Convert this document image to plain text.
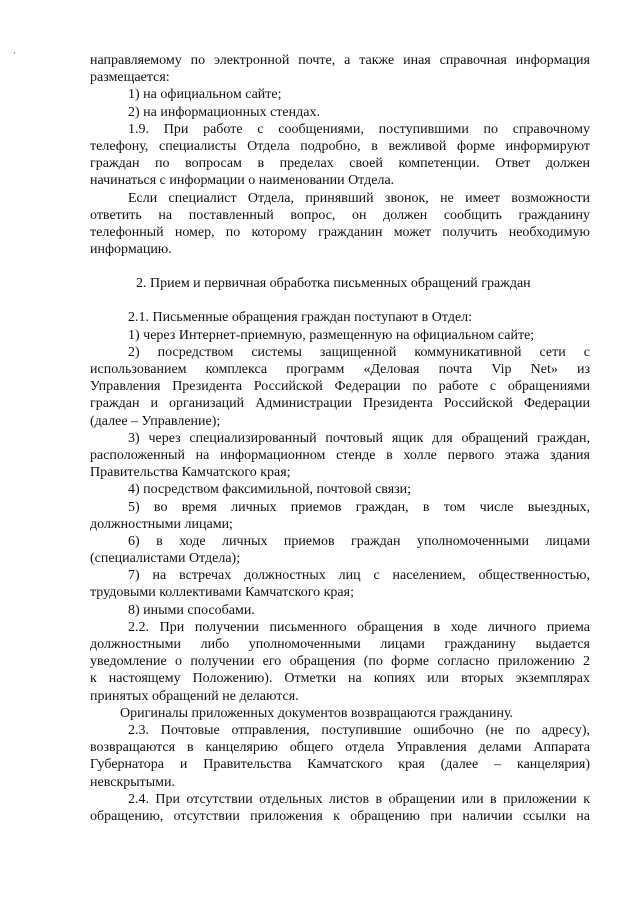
направляемому по электронной почте, а также иная справочная информация
размещается:
1) на официальном сайте;
2) на информационных стендах.
1.9. При работе с сообщениями, поступившими по справочному
телефону, специалисты Отдела подробно, в вежливой форме информируют
граждан по вопросам в пределах своей компетенции. Ответ должен
начинаться с информации о наименовании Отдела.
Если специалист Отдела, принявший звонок, не имеет возможности
ответить на поставленный вопрос, он должен сообщить гражданину
телефонный номер, по которому гражданин может получить необходимую
информацию.
2. Прием и первичная обработка письменных обращений граждан
2.1. Письменные обращения граждан поступают в Отдел:
1) через Интернет-приемную, размещенную на официальном сайте;
2) посредством системы защищенной коммуникативной сети с
использованием комплекса программ «Деловая почта Vip Net» из
Управления Президента Российской Федерации по работе с обращениями
граждан и организаций Администрации Президента Российской Федерации
(далее – Управление);
3) через специализированный почтовый ящик для обращений граждан,
расположенный на информационном стенде в холле первого этажа здания
Правительства Камчатского края;
4) посредством факсимильной, почтовой связи;
5) во время личных приемов граждан, в том числе выездных,
должностными лицами;
6) в ходе личных приемов граждан уполномоченными лицами
(специалистами Отдела);
7) на встречах должностных лиц с населением, общественностью,
трудовыми коллективами Камчатского края;
8) иными способами.
2.2. При получении письменного обращения в ходе личного приема
должностными либо уполномоченными лицами гражданину выдается
уведомление о получении его обращения (по форме согласно приложению 2
к настоящему Положению). Отметки на копиях или вторых экземплярах
принятых обращений не делаются.
Оригиналы приложенных документов возвращаются гражданину.
2.3. Почтовые отправления, поступившие ошибочно (не по адресу),
возвращаются в канцелярию общего отдела Управления делами Аппарата
Губернатора и Правительства Камчатского края (далее – канцелярия)
невскрытыми.
2.4. При отсутствии отдельных листов в обращении или в приложении к
обращению, отсутствии приложения к обращению при наличии ссылки на
